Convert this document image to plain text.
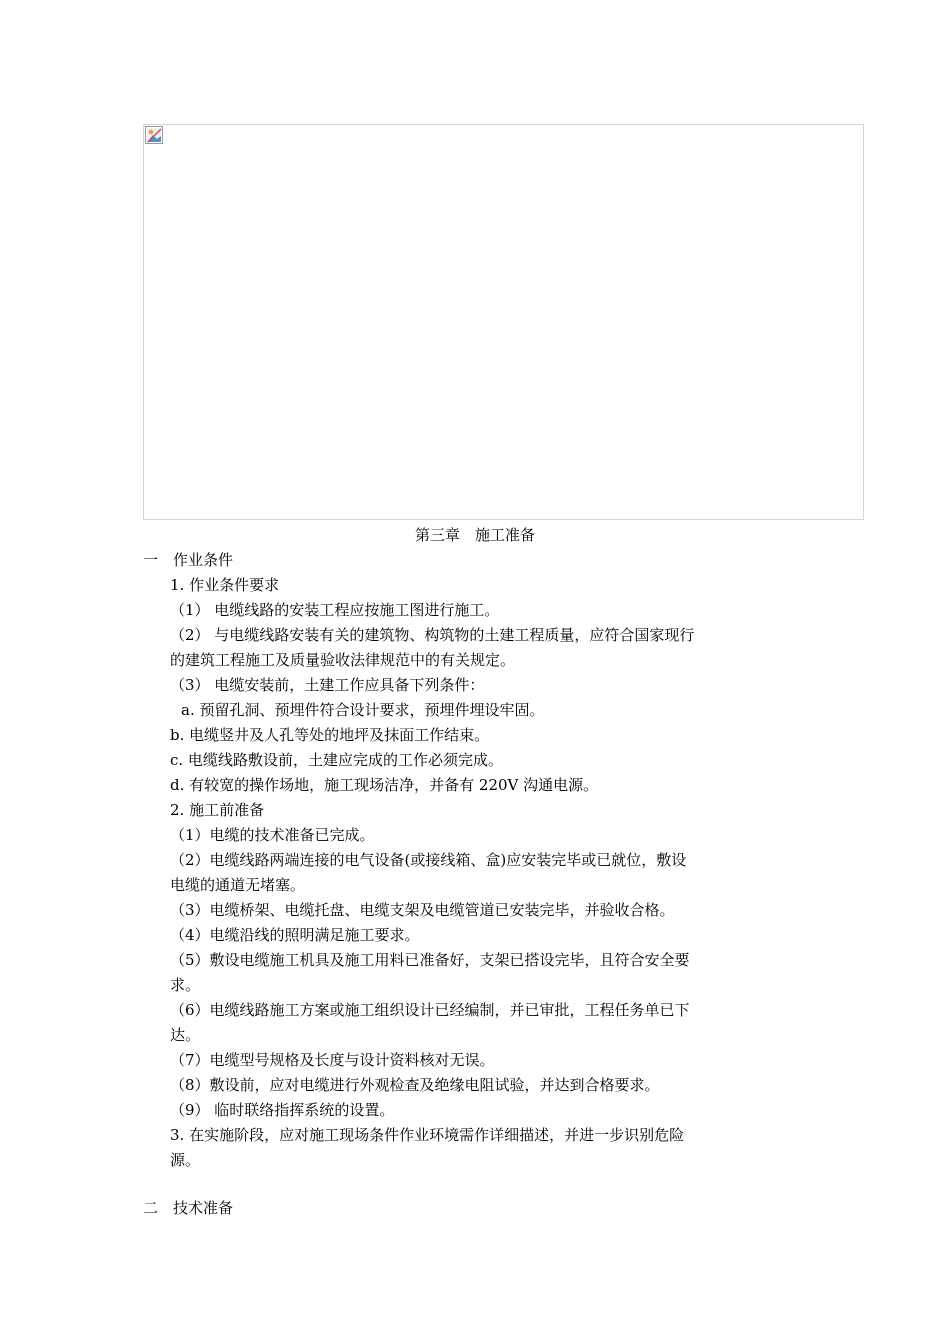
第三章　施工准备
一　作业条件
1. 作业条件要求
（1） 电缆线路的安装工程应按施工图进行施工。
（2） 与电缆线路安装有关的建筑物、构筑物的土建工程质量，应符合国家现行
的建筑工程施工及质量验收法律规范中的有关规定。
（3） 电缆安装前，土建工作应具备下列条件：
a. 预留孔洞、预埋件符合设计要求，预埋件埋设牢固。
b. 电缆竖井及人孔等处的地坪及抹面工作结束。
c. 电缆线路敷设前，土建应完成的工作必须完成。
d. 有较宽的操作场地，施工现场洁净，并备有 220V 沟通电源。
2. 施工前准备
（1）电缆的技术准备已完成。
（2）电缆线路两端连接的电气设备(或接线箱、盒)应安装完毕或已就位，敷设
电缆的通道无堵塞。
（3）电缆桥架、电缆托盘、电缆支架及电缆管道已安装完毕，并验收合格。
（4）电缆沿线的照明满足施工要求。
（5）敷设电缆施工机具及施工用料已准备好，支架已搭设完毕，且符合安全要
求。
（6）电缆线路施工方案或施工组织设计已经编制，并已审批，工程任务单已下
达。
（7）电缆型号规格及长度与设计资料核对无误。
（8）敷设前，应对电缆进行外观检查及绝缘电阻试验，并达到合格要求。
（9） 临时联络指挥系统的设置。
3. 在实施阶段，应对施工现场条件作业环境需作详细描述，并进一步识别危险
源。
二　技术准备
